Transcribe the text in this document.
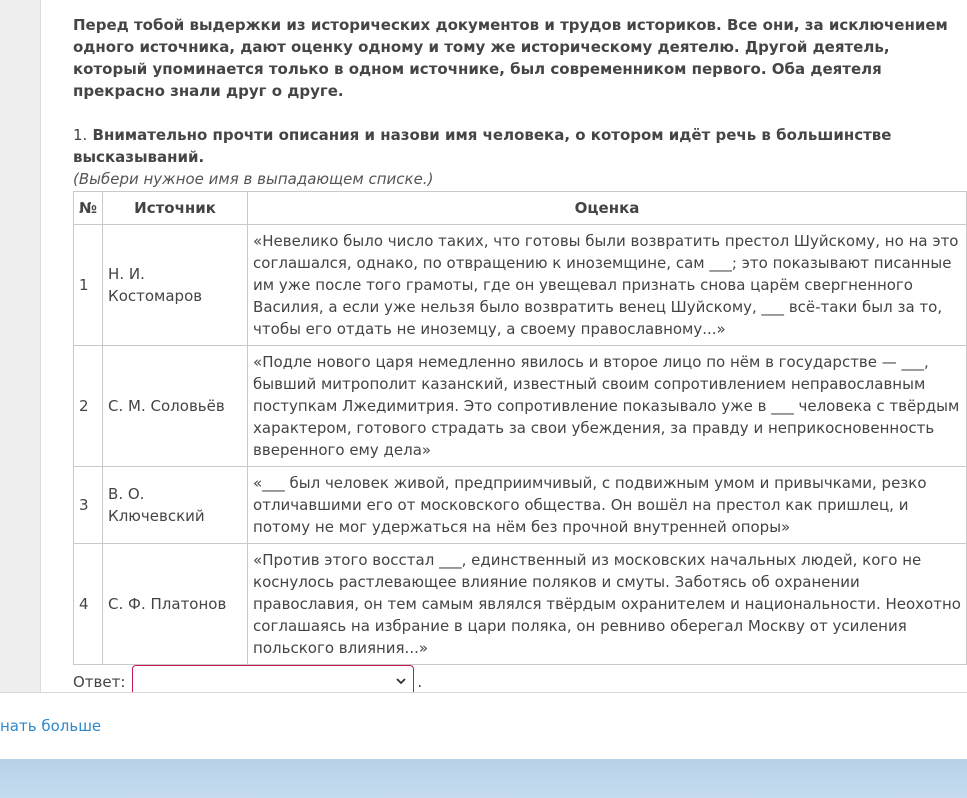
Перед тобой выдержки из исторических документов и трудов историков. Все они, за исключением одного источника, дают оценку одному и тому же историческому деятелю. Другой деятель, который упоминается только в одном источнике, был современником первого. Оба деятеля прекрасно знали друг о друге.

1. Внимательно прочти описания и назови имя человека, о котором идёт речь в большинстве высказываний.

(Выбери нужное имя в выпадающем списке.)

№	Источник	Оценка
1	Н. И. Костомаров	«Невелико было число таких, что готовы были возвратить престол Шуйскому, но на это соглашался, однако, по отвращению к иноземщине, сам ___; это показывают писанные им уже после того грамоты, где он увещевал признать снова царём свергненного Василия, а если уже нельзя было возвратить венец Шуйскому, ___ всё-таки был за то, чтобы его отдать не иноземцу, а своему православному...»
2	С. М. Соловьёв	«Подле нового царя немедленно явилось и второе лицо по нём в государстве — ___, бывший митрополит казанский, известный своим сопротивлением неправославным поступкам Лжедимитрия. Это сопротивление показывало уже в ___ человека с твёрдым характером, готового страдать за свои убеждения, за правду и неприкосновенность вверенного ему дела»
3	В. О. Ключевский	«___ был человек живой, предприимчивый, с подвижным умом и привычками, резко отличавшими его от московского общества. Он вошёл на престол как пришлец, и потому не мог удержаться на нём без прочной внутренней опоры»
4	С. Ф. Платонов	«Против этого восстал ___, единственный из московских начальных людей, кого не коснулось растлевающее влияние поляков и смуты. Заботясь об охранении православия, он тем самым являлся твёрдым охранителем и национальности. Неохотно соглашаясь на избрание в цари поляка, он ревниво оберегал Москву от усиления польского влияния...»
Ответ:	.
нать больше
